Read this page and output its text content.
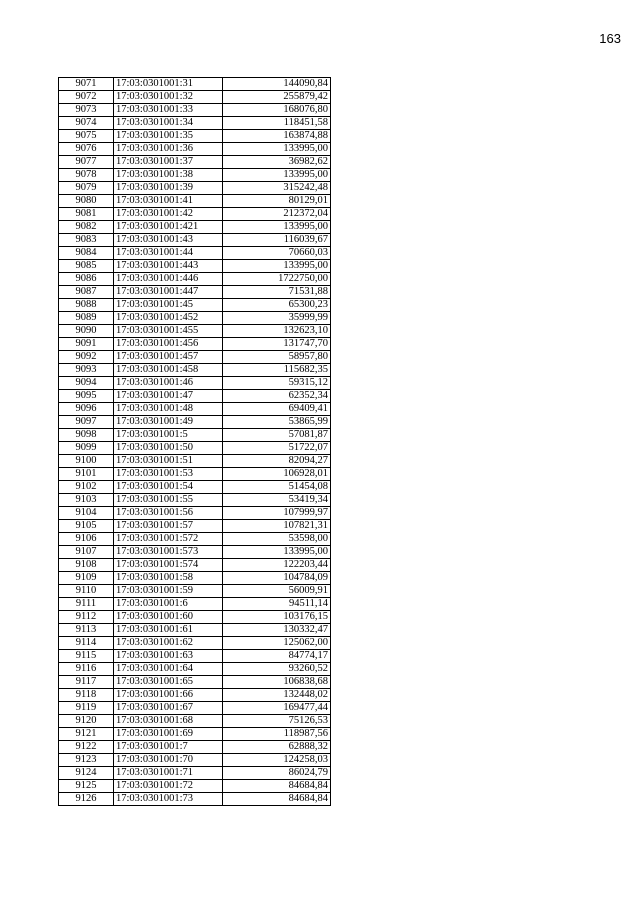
163
9071	17:03:0301001:31	144090,84
9072	17:03:0301001:32	255879,42
9073	17:03:0301001:33	168076,80
9074	17:03:0301001:34	118451,58
9075	17:03:0301001:35	163874,88
9076	17:03:0301001:36	133995,00
9077	17:03:0301001:37	36982,62
9078	17:03:0301001:38	133995,00
9079	17:03:0301001:39	315242,48
9080	17:03:0301001:41	80129,01
9081	17:03:0301001:42	212372,04
9082	17:03:0301001:421	133995,00
9083	17:03:0301001:43	116039,67
9084	17:03:0301001:44	70660,03
9085	17:03:0301001:443	133995,00
9086	17:03:0301001:446	1722750,00
9087	17:03:0301001:447	71531,88
9088	17:03:0301001:45	65300,23
9089	17:03:0301001:452	35999,99
9090	17:03:0301001:455	132623,10
9091	17:03:0301001:456	131747,70
9092	17:03:0301001:457	58957,80
9093	17:03:0301001:458	115682,35
9094	17:03:0301001:46	59315,12
9095	17:03:0301001:47	62352,34
9096	17:03:0301001:48	69409,41
9097	17:03:0301001:49	53865,99
9098	17:03:0301001:5	57081,87
9099	17:03:0301001:50	51722,07
9100	17:03:0301001:51	82094,27
9101	17:03:0301001:53	106928,01
9102	17:03:0301001:54	51454,08
9103	17:03:0301001:55	53419,34
9104	17:03:0301001:56	107999,97
9105	17:03:0301001:57	107821,31
9106	17:03:0301001:572	53598,00
9107	17:03:0301001:573	133995,00
9108	17:03:0301001:574	122203,44
9109	17:03:0301001:58	104784,09
9110	17:03:0301001:59	56009,91
9111	17:03:0301001:6	94511,14
9112	17:03:0301001:60	103176,15
9113	17:03:0301001:61	130332,47
9114	17:03:0301001:62	125062,00
9115	17:03:0301001:63	84774,17
9116	17:03:0301001:64	93260,52
9117	17:03:0301001:65	106838,68
9118	17:03:0301001:66	132448,02
9119	17:03:0301001:67	169477,44
9120	17:03:0301001:68	75126,53
9121	17:03:0301001:69	118987,56
9122	17:03:0301001:7	62888,32
9123	17:03:0301001:70	124258,03
9124	17:03:0301001:71	86024,79
9125	17:03:0301001:72	84684,84
9126	17:03:0301001:73	84684,84
